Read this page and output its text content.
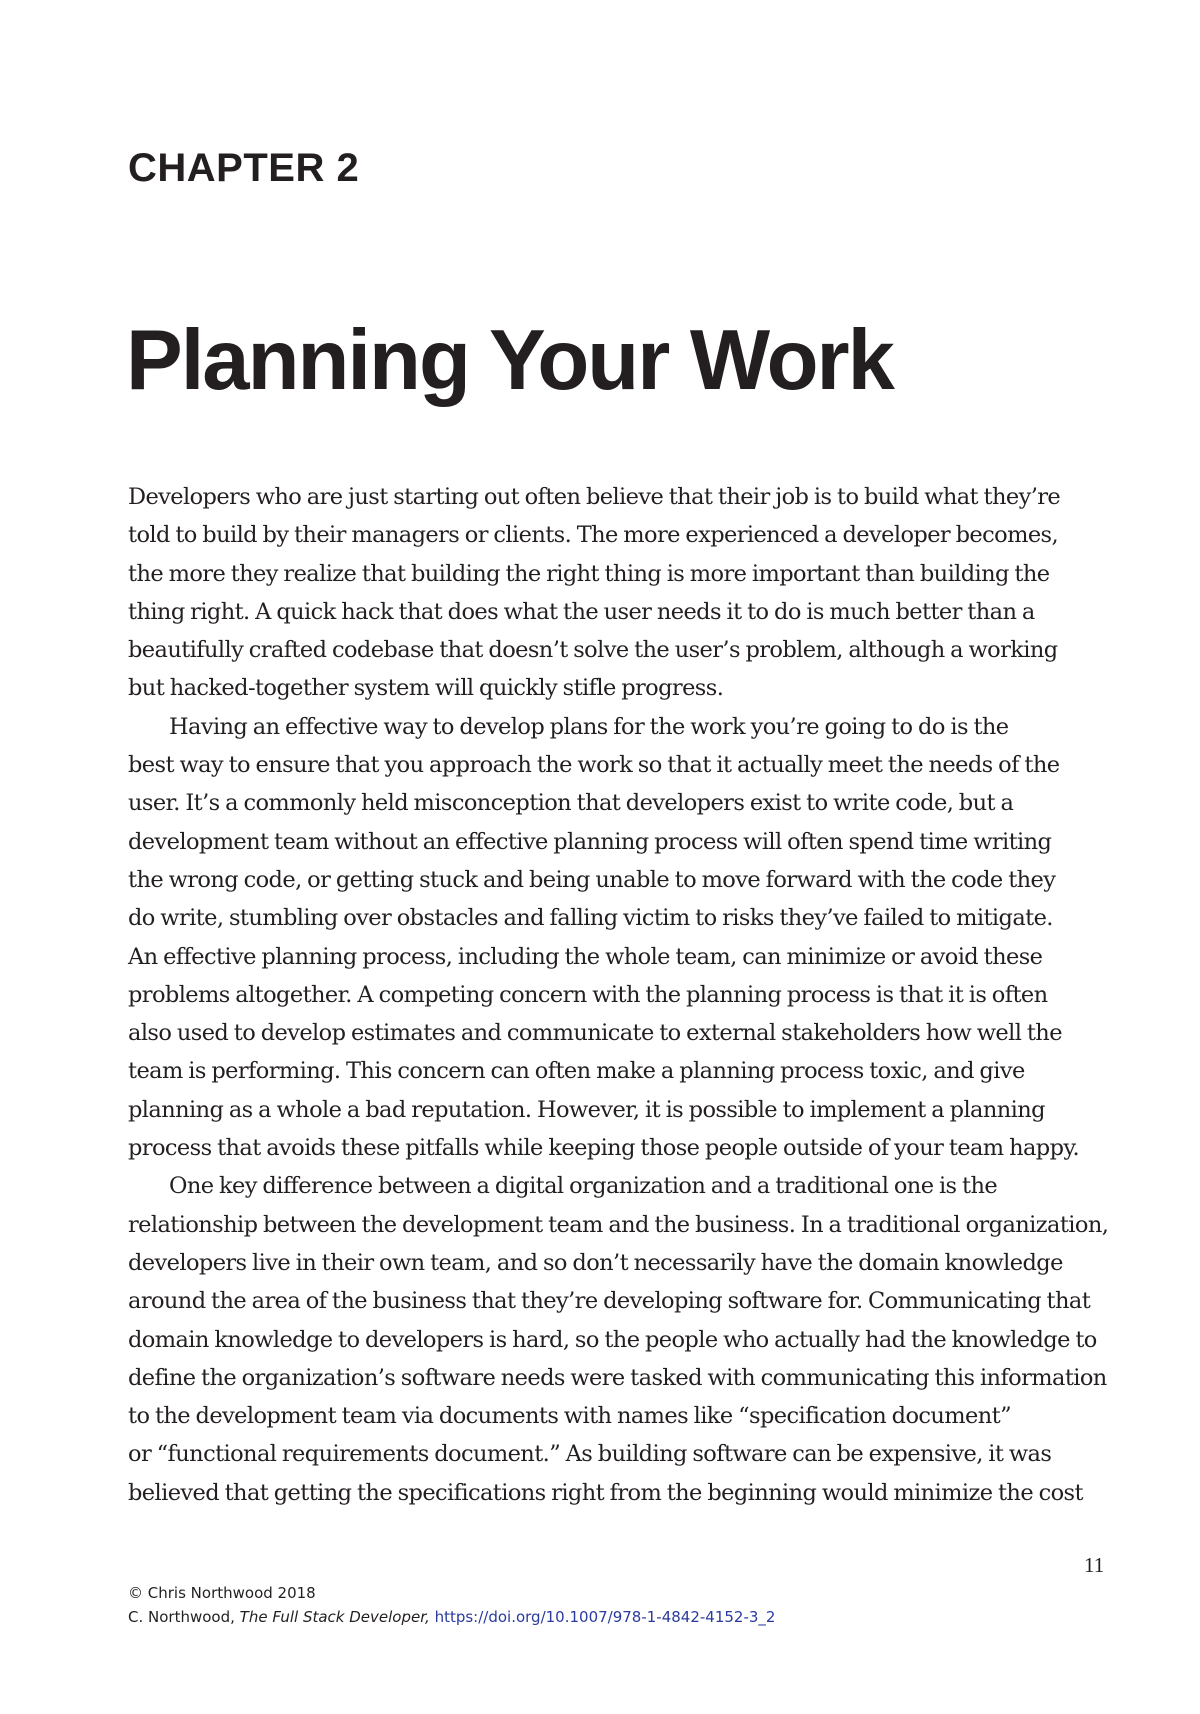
CHAPTER 2
Planning Your Work
Developers who are just starting out often believe that their job is to build what they’re
told to build by their managers or clients. The more experienced a developer becomes,
the more they realize that building the right thing is more important than building the
thing right. A quick hack that does what the user needs it to do is much better than a
beautifully crafted codebase that doesn’t solve the user’s problem, although a working
but hacked-together system will quickly stifle progress.
Having an effective way to develop plans for the work you’re going to do is the
best way to ensure that you approach the work so that it actually meet the needs of the
user. It’s a commonly held misconception that developers exist to write code, but a
development team without an effective planning process will often spend time writing
the wrong code, or getting stuck and being unable to move forward with the code they
do write, stumbling over obstacles and falling victim to risks they’ve failed to mitigate.
An effective planning process, including the whole team, can minimize or avoid these
problems altogether. A competing concern with the planning process is that it is often
also used to develop estimates and communicate to external stakeholders how well the
team is performing. This concern can often make a planning process toxic, and give
planning as a whole a bad reputation. However, it is possible to implement a planning
process that avoids these pitfalls while keeping those people outside of your team happy.
One key difference between a digital organization and a traditional one is the
relationship between the development team and the business. In a traditional organization,
developers live in their own team, and so don’t necessarily have the domain knowledge
around the area of the business that they’re developing software for. Communicating that
domain knowledge to developers is hard, so the people who actually had the knowledge to
define the organization’s software needs were tasked with communicating this information
to the development team via documents with names like “specification document”
or “functional requirements document.” As building software can be expensive, it was
believed that getting the specifications right from the beginning would minimize the cost
11
© Chris Northwood 2018
C. Northwood, The Full Stack Developer, https://doi.org/10.1007/978-1-4842-4152-3_2
